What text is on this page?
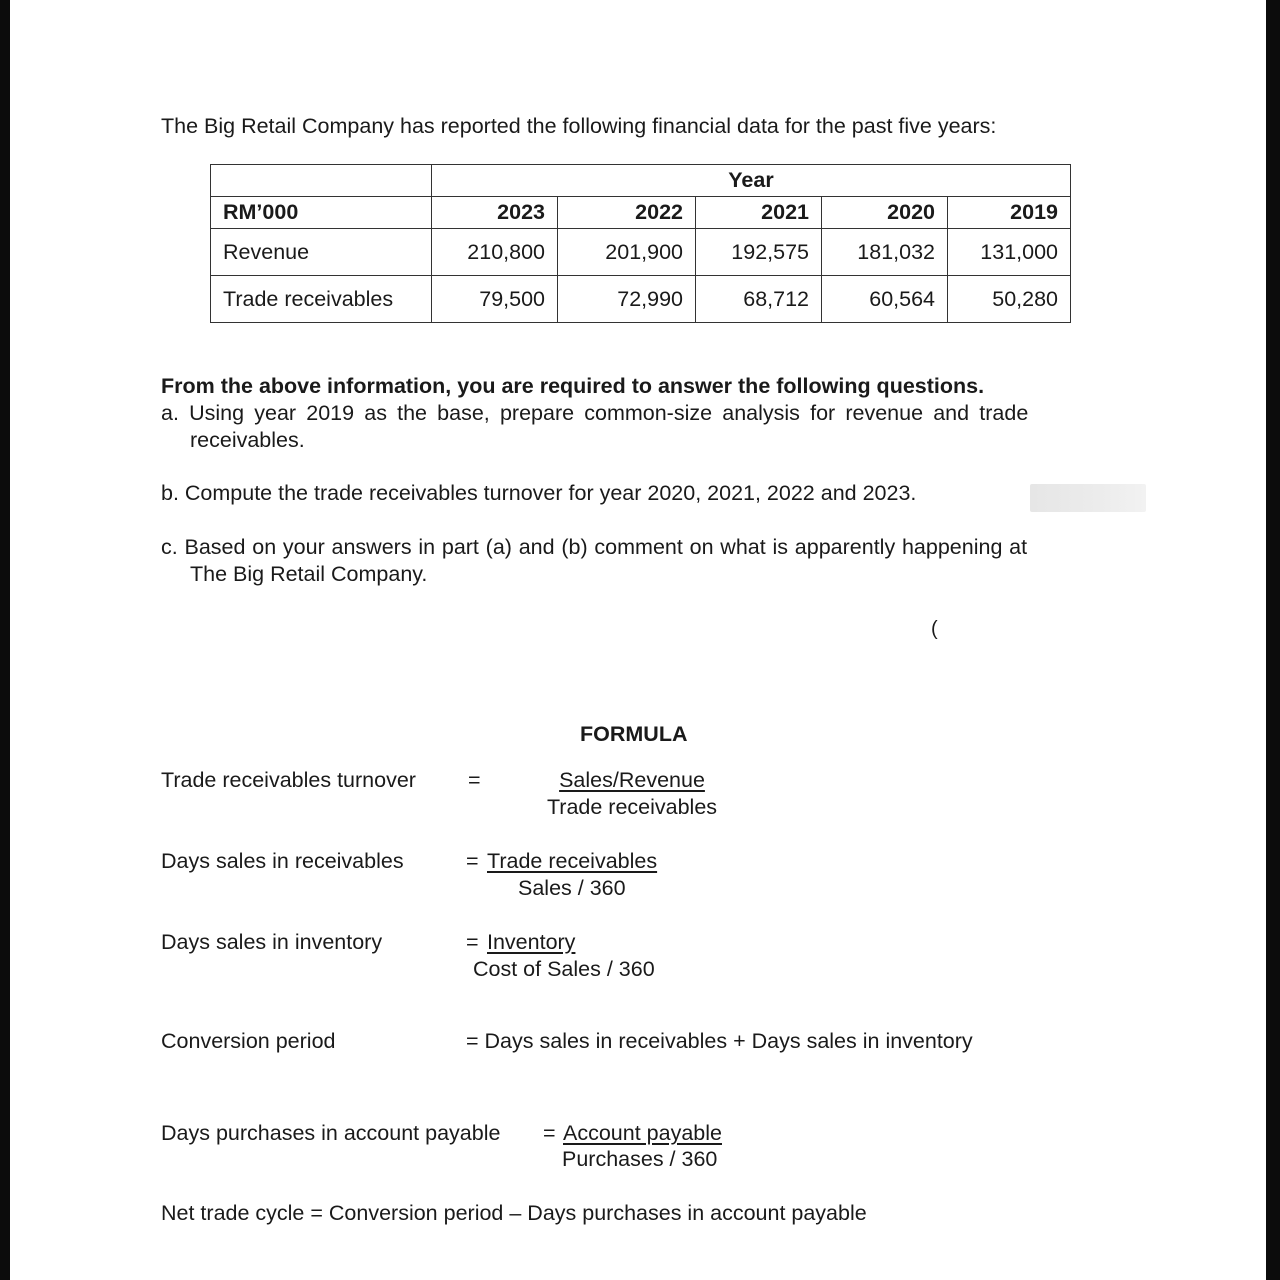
The Big Retail Company has reported the following financial data for the past five years:
	Year				
RM’000	2023	2022	2021	2020	2019
Revenue	210,800	201,900	192,575	181,032	131,000
Trade receivables	79,500	72,990	68,712	60,564	50,280
From the above information, you are required to answer the following questions.
a. Using year 2019 as the base, prepare common-size analysis for revenue and trade
receivables.
b. Compute the trade receivables turnover for year 2020, 2021, 2022 and 2023.
c. Based on your answers in part (a) and (b) comment on what is apparently happening at
The Big Retail Company.
(
FORMULA
Trade receivables turnover =	Sales/Revenue
Trade receivables
Days sales in receivables	= Trade receivables
Sales / 360
Days sales in inventory	= Inventory
Cost of Sales / 360
Conversion period	= Days sales in receivables + Days sales in inventory
Days purchases in account payable = Account payable
Purchases / 360
Net trade cycle = Conversion period – Days purchases in account payable
